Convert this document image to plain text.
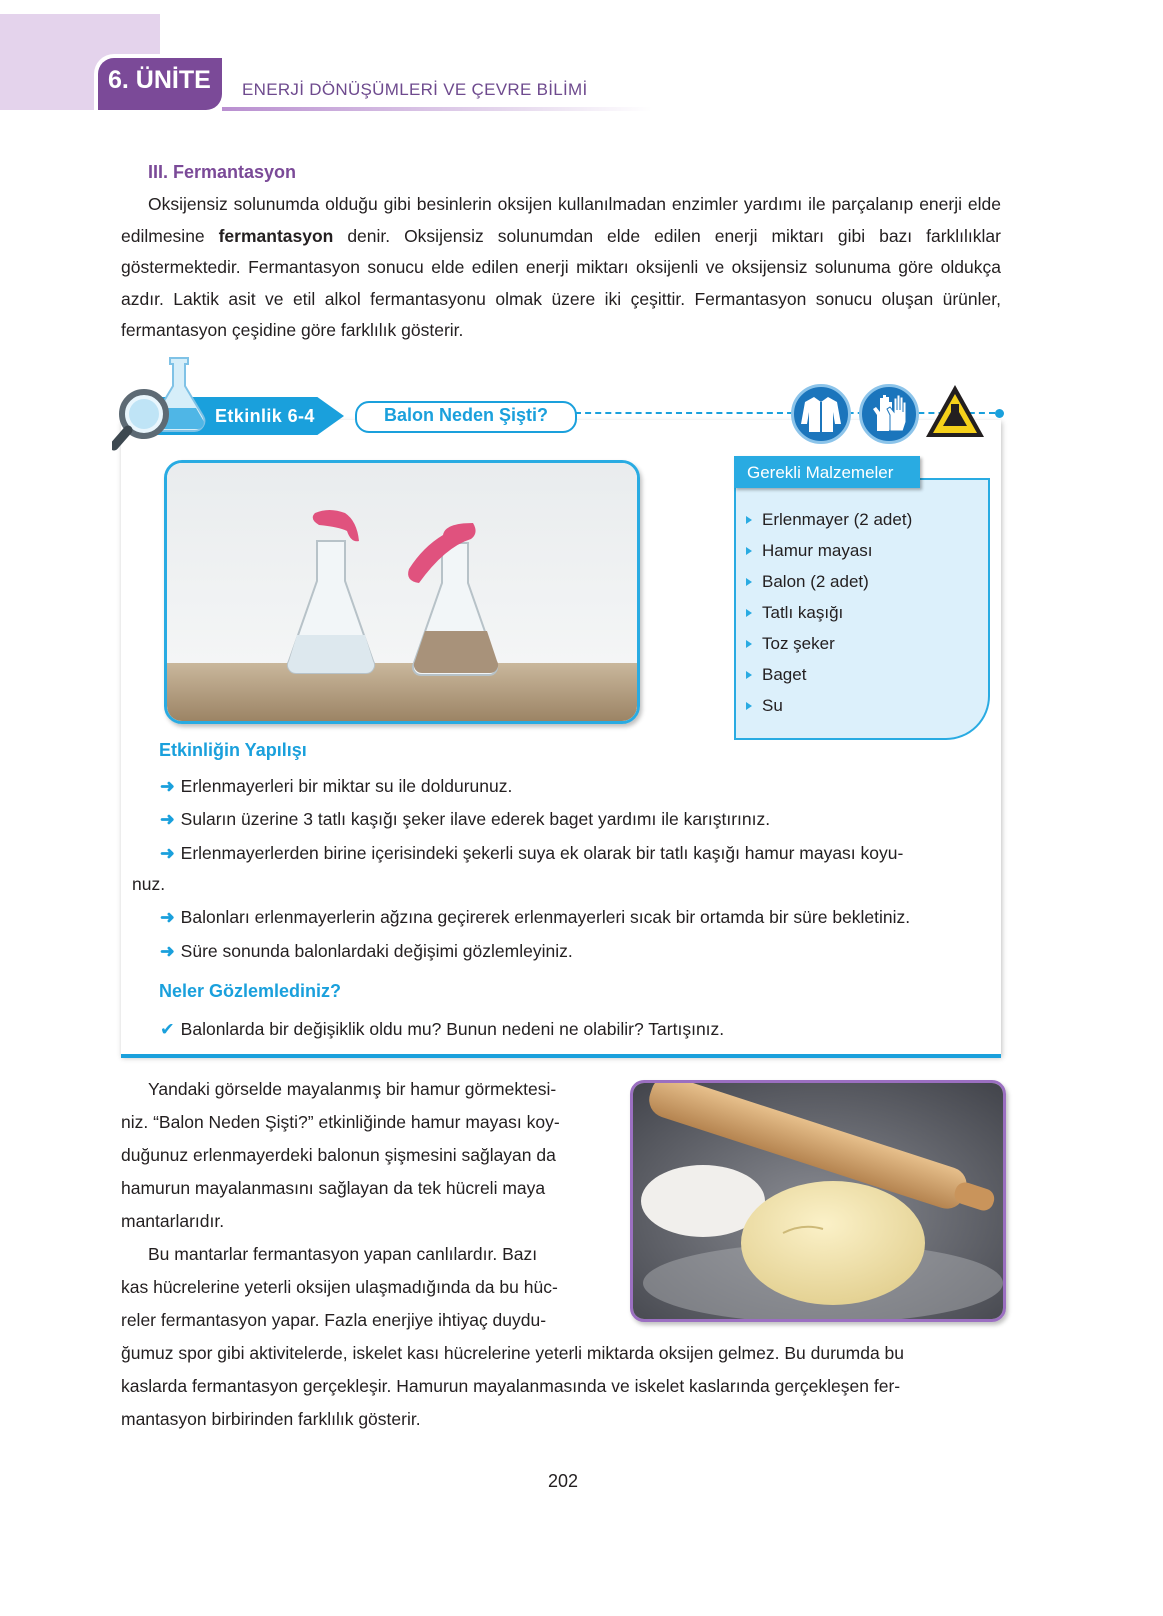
6. ÜNİTE ENERJİ DÖNÜŞÜMLERİ VE ÇEVRE BİLİMİ
III. Fermantasyon

Oksijensiz solunumda olduğu gibi besinlerin oksijen kullanılmadan enzimler yardımı ile parçalanıp enerji elde edilmesine fermantasyon denir. Oksijensiz solunumdan elde edilen enerji miktarı gibi bazı farklılıklar göstermektedir. Fermantasyon sonucu elde edilen enerji miktarı oksijenli ve oksijensiz solunuma göre oldukça azdır. Laktik asit ve etil alkol fermantasyonu olmak üzere iki çeşittir. Fermantasyon sonucu oluşan ürünler, fermantasyon çeşidine göre farklılık gösterir.

Etkinlik 6-4	Balon Neden Şişti?
Gerekli Malzemeler
Erlenmayer (2 adet)
Hamur mayası
Balon (2 adet)
Tatlı kaşığı
Toz şeker
Baget
Su
Etkinliğin Yapılışı
➜ Erlenmayerleri bir miktar su ile doldurunuz.
➜ Suların üzerine 3 tatlı kaşığı şeker ilave ederek baget yardımı ile karıştırınız.
➜ Erlenmayerlerden birine içerisindeki şekerli suya ek olarak bir tatlı kaşığı hamur mayası koyu-
nuz.
➜ Balonları erlenmayerlerin ağzına geçirerek erlenmayerleri sıcak bir ortamda bir süre bekletiniz.
➜ Süre sonunda balonlardaki değişimi gözlemleyiniz.
Neler Gözlemlediniz?
✔ Balonlarda bir değişiklik oldu mu? Bunun nedeni ne olabilir? Tartışınız.
Yandaki görselde mayalanmış bir hamur görmektesi-
niz. “Balon Neden Şişti?” etkinliğinde hamur mayası koy-
duğunuz erlenmayerdeki balonun şişmesini sağlayan da
hamurun mayalanmasını sağlayan da tek hücreli maya
mantarlarıdır.
Bu mantarlar fermantasyon yapan canlılardır. Bazı
kas hücrelerine yeterli oksijen ulaşmadığında da bu hüc-
reler fermantasyon yapar. Fazla enerjiye ihtiyaç duydu-
ğumuz spor gibi aktivitelerde, iskelet kası hücrelerine yeterli miktarda oksijen gelmez. Bu durumda bu
kaslarda fermantasyon gerçekleşir. Hamurun mayalanmasında ve iskelet kaslarında gerçekleşen fer-
mantasyon birbirinden farklılık gösterir.
202
